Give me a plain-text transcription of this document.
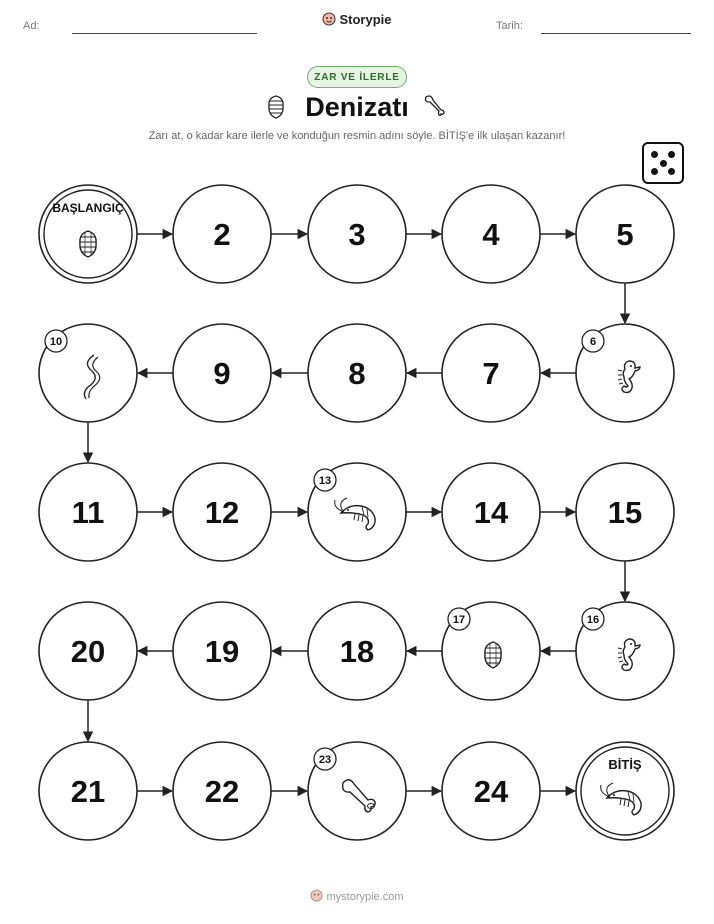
Ad:	Storypie	Tarih:
ZAR VE İLERLE
Denizatı
Zarı at, o kadar kare ilerle ve konduğun resmin adını söyle. BİTİŞ'e ilk ulaşan kazanır!
BAŞLANGIÇ
2	3	4	5
6
7
8
9
10
11	12
13
14	15
16
17
18
19
20
21	22
23
24
BİTİŞ
mystorypie.com
